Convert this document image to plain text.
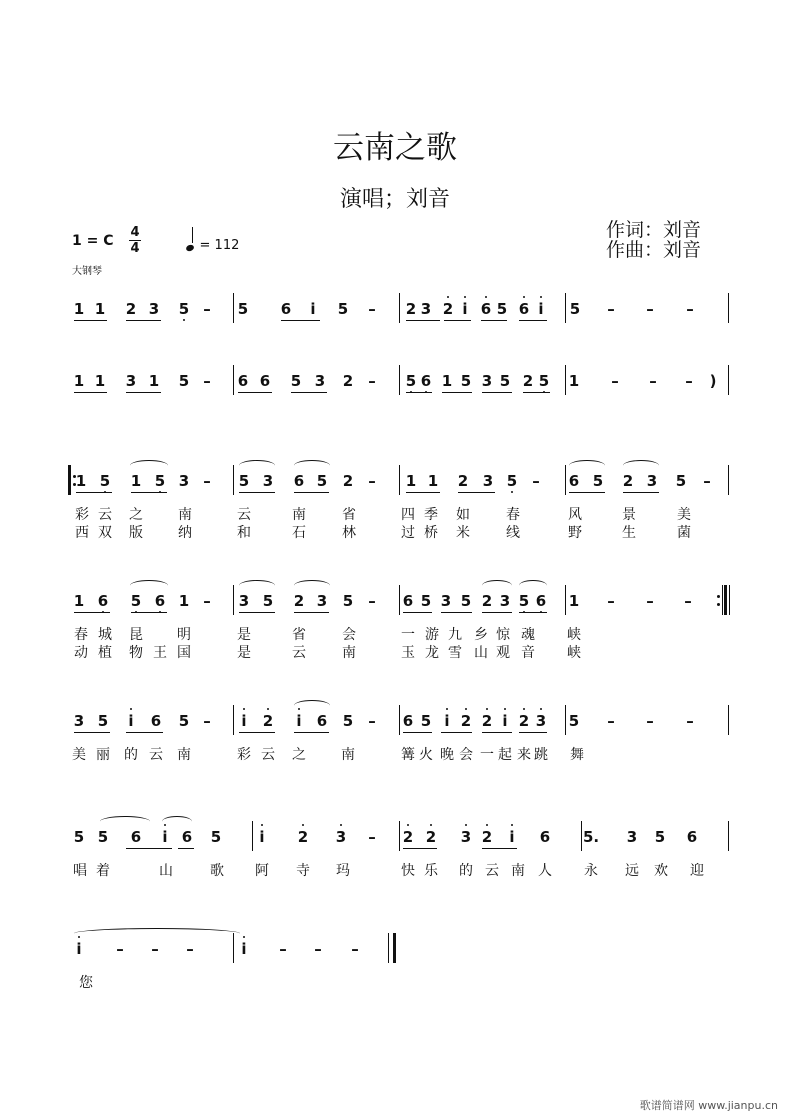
云南之歌
演唱；刘音
作词：刘音
作曲：刘音
1 = C
4
4	= 112
大钢琴
1 1 2 3 5 – 5 6	i	5 – 2 3 2 i 6 5 6 i	5 – – –
1 1 3 1 5 – 6 6 5 3 2 – 5 6 1 5 3 5 2 5 1 – – –	)
1 5 1 5 3 – 5 3 6 5 2 – 1 1 2 3 5 – 6 5 2 3 5 –
彩 云 之	南	云	南	省	四 季 如	春	风	景	美
西 双 版	纳	和	石	林	过 桥 米	线	野	生	菌
1 6 5 6 1 – 3 5 2 3 5 – 6 5 3 5 2 3 5 6 1 – – –
春 城 昆 明	是	省	会	一 游 九 乡 惊 魂 峡
动 植 物 王 国	是	云	南	玉 龙 雪 山 观 音 峡
3 5	i	6 5 –	i	2	i	6 5 – 6 5 i 2 2 i 2 3 5 – – –
美 丽 的 云 南	彩 云 之	南	篝 火 晚 会 一 起 来 跳 舞
5 5 6	i 6 5	i	2 3 – 2 2 3 2	i	6 5. 3 5 6
唱 着	山	歌 阿 寺 玛	快 乐 的 云 南 人 永 远 欢 迎
i	– – –	i	– – –
您
歌谱简谱网 www.jianpu.cn
